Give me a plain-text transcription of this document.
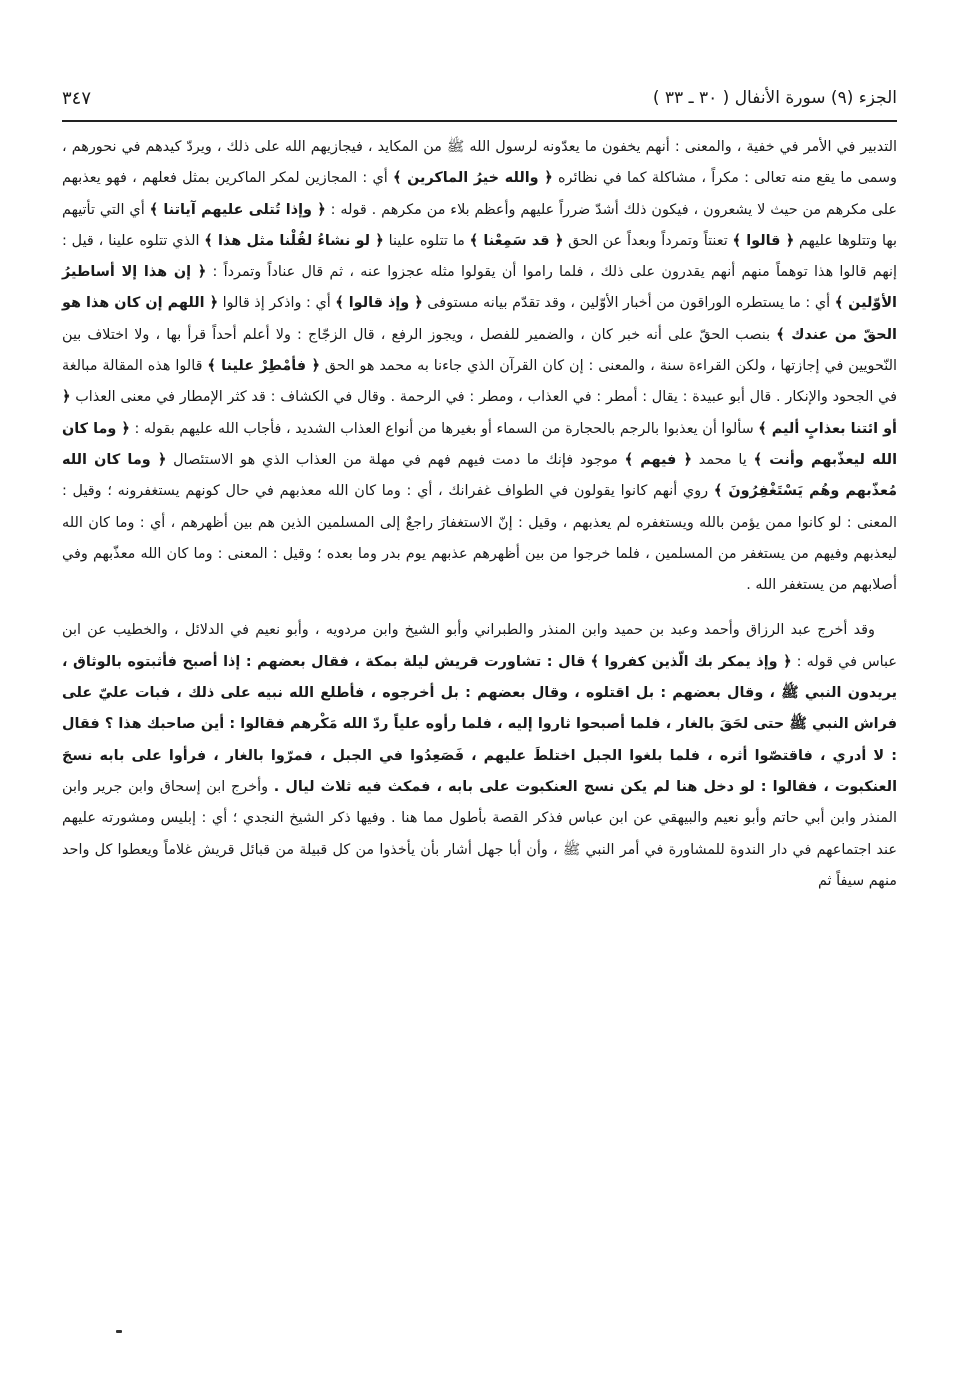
الجزء (٩) سورة الأنفال ( ٣٠ ـ ٣٣ )
٣٤٧

التدبير في الأمر في خفية ، والمعنى : أنهم يخفون ما يعدّونه لرسول الله ﷺ من المكايد ، فيجازيهم الله على ذلك ، ويردّ كيدهم في نحورهم ، وسمى ما يقع منه تعالى : مكراً ، مشاكلة كما في نظائره ﴿ والله خيرُ الماكرين ﴾ أي : المجازين لمكر الماكرين بمثل فعلهم ، فهو يعذبهم على مكرهم من حيث لا يشعرون ، فيكون ذلك أشدّ ضرراً عليهم وأعظم بلاء من مكرهم . قوله : ﴿ وإذا تُتلى عليهم آياتنا ﴾ أي التي تأتيهم بها وتتلوها عليهم ﴿ قالوا ﴾ تعنتاً وتمرداً وبعداً عن الحق ﴿ قد سَمِعْنا ﴾ ما تتلوه علينا ﴿ لو نشاءُ لقُلْنا مثل هذا ﴾ الذي تتلوه علينا ، قيل : إنهم قالوا هذا توهماً منهم أنهم يقدرون على ذلك ، فلما راموا أن يقولوا مثله عجزوا عنه ، ثم قال عناداً وتمرداً : ﴿ إن هذا إلا أساطيرُ الأوّلين ﴾ أي : ما يستطره الوراقون من أخبار الأوّلين ، وقد تقدّم بيانه مستوفى ﴿ وإذ قالوا ﴾ أي : واذكر إذ قالوا ﴿ اللهم إن كان هذا هو الحقّ من عندك ﴾ بنصب الحقّ على أنه خبر كان ، والضمير للفصل ، ويجوز الرفع ، قال الزجّاج : ولا أعلم أحداً قرأ بها ، ولا اختلاف بين النّحويين في إجازتها ، ولكن القراءة سنة ، والمعنى : إن كان القرآن الذي جاءنا به محمد هو الحق ﴿ فأمْطِرْ علينا ﴾ قالوا هذه المقالة مبالغة في الجحود والإنكار . قال أبو عبيدة : يقال : أمطر : في العذاب ، ومطر : في الرحمة . وقال في الكشاف : قد كثر الإمطار في معنى العذاب ﴿ أو ائتنا بعذابٍ أليم ﴾ سألوا أن يعذبوا بالرجم بالحجارة من السماء أو بغيرها من أنواع العذاب الشديد ، فأجاب الله عليهم بقوله : ﴿ وما كان الله ليعذّبهم وأنت ﴾ يا محمد ﴿ فيهم ﴾ موجود فإنك ما دمت فيهم فهم في مهلة من العذاب الذي هو الاستئصال ﴿ وما كان الله مُعذّبهم وهُم يَسْتَغْفِرُونَ ﴾ روي أنهم كانوا يقولون في الطواف غفرانك ، أي : وما كان الله معذبهم في حال كونهم يستغفرونه ؛ وقيل : المعنى : لو كانوا ممن يؤمن بالله ويستغفره لم يعذبهم ، وقيل : إنّ الاستغفارَ راجعٌ إلى المسلمين الذين هم بين أظهرهم ، أي : وما كان الله ليعذبهم وفيهم من يستغفر من المسلمين ، فلما خرجوا من بين أظهرهم عذبهم يوم بدر وما بعده ؛ وقيل : المعنى : وما كان الله معذّبهم وفي أصلابهم من يستغفر الله .

وقد أخرج عبد الرزاق وأحمد وعبد بن حميد وابن المنذر والطبراني وأبو الشيخ وابن مردويه ، وأبو نعيم في الدلائل ، والخطيب عن ابن عباس في قوله : ﴿ وإذ يمكر بك الّذين كفروا ﴾ قال : تشاورت قريش ليلة بمكة ، فقال بعضهم : إذا أصبح فأثبتوه بالوثاق ، يريدون النبي ﷺ ، وقال بعضهم : بل اقتلوه ، وقال بعضهم : بل أخرجوه ، فأطلع الله نبيه على ذلك ، فبات عليّ على فراش النبي ﷺ حتى لحَقَ بالغار ، فلما أصبحوا ثاروا إليه ، فلما رأوه علياً ردّ الله مَكْرهم فقالوا : أين صاحبك هذا ؟ فقال : لا أدري ، فاقتصّوا أثره ، فلما بلغوا الجبل اختلطَ عليهم ، فَصَعِدُوا في الجبل ، فمرّوا بالغار ، فرأوا على بابه نسجَ العنكبوت ، فقالوا : لو دخل هنا لم يكن نسج العنكبوت على بابه ، فمكث فيه ثلاث ليال . وأخرج ابن إسحاق وابن جرير وابن المنذر وابن أبي حاتم وأبو نعيم والبيهقي عن ابن عباس فذكر القصة بأطول مما هنا . وفيها ذكر الشيخ النجدي ؛ أي : إبليس ومشورته عليهم عند اجتماعهم في دار الندوة للمشاورة في أمر النبي ﷺ ، وأن أبا جهل أشار بأن يأخذوا من كل قبيلة من قبائل قريش غلاماً ويعطوا كل واحد منهم سيفاً ثم
